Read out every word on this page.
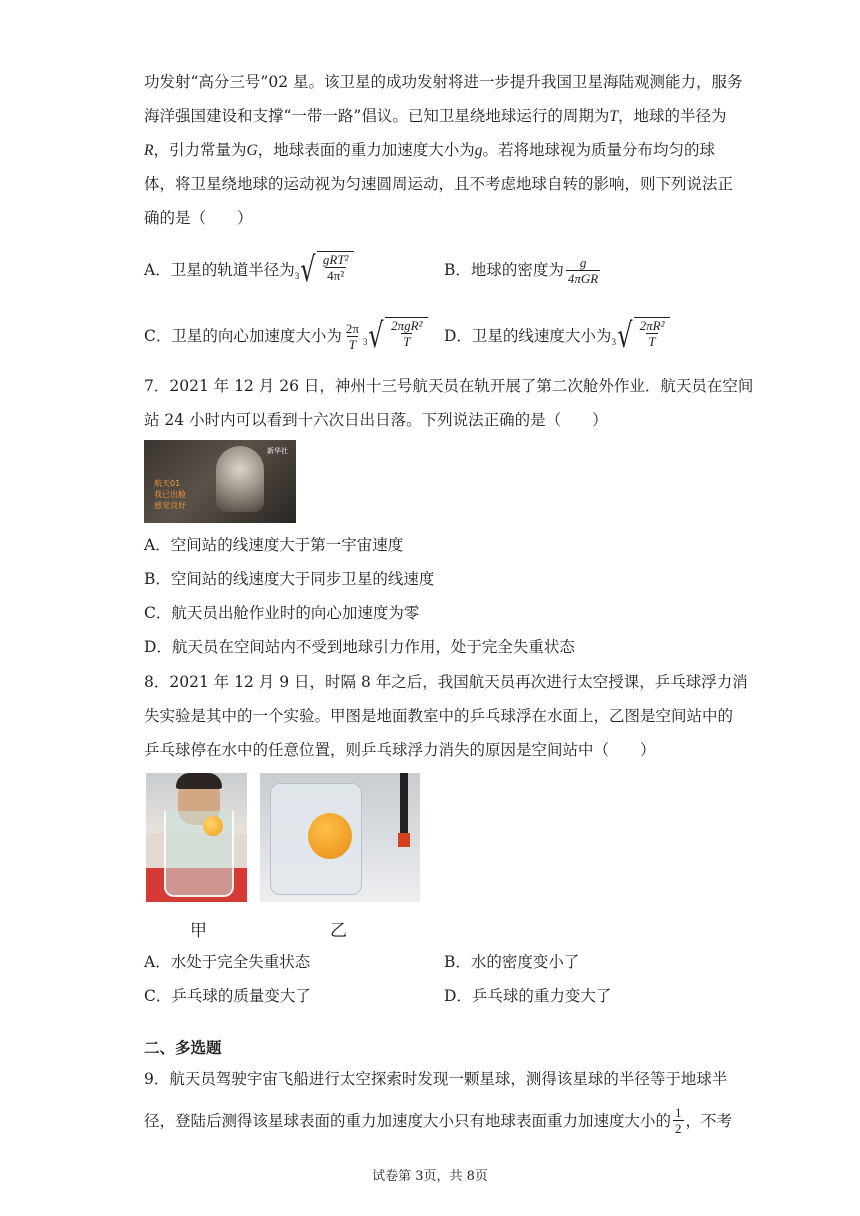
功发射“高分三号”02 星。该卫星的成功发射将进一步提升我国卫星海陆观测能力，服务
海洋强国建设和支撑“一带一路”倡议。已知卫星绕地球运行的周期为T，地球的半径为
R，引力常量为G，地球表面的重力加速度大小为g。若将地球视为质量分布均匀的球
体，将卫星绕地球的运动视为匀速圆周运动，且不考虑地球自转的影响，则下列说法正
确的是（　　）
A．卫星的轨道半径为 3 √ $\frac{\text{gRT²}}{\text{4π²}}$	B．地球的密度为 $\frac{g}{\text{4πGR}}$
C．卫星的向心加速度大小为 $\frac{2\pi}{T} 3$ √ $\frac{\text{2πgR²}}{T}$ D．卫星的线速度大小为 3 √ $\frac{\text{2πR²}}{T}$
7．2021 年 12 月 26 日，神州十三号航天员在轨开展了第二次舱外作业．航天员在空间
站 24 小时内可以看到十六次日出日落。下列说法正确的是（　　）
航天01
我已出舱
感觉良好
新华社
A．空间站的线速度大于第一宇宙速度
B．空间站的线速度大于同步卫星的线速度
C．航天员出舱作业时的向心加速度为零
D．航天员在空间站内不受到地球引力作用，处于完全失重状态
8．2021 年 12 月 9 日，时隔 8 年之后，我国航天员再次进行太空授课，乒乓球浮力消
失实验是其中的一个实验。甲图是地面教室中的乒乓球浮在水面上，乙图是空间站中的
乒乓球停在水中的任意位置，则乒乓球浮力消失的原因是空间站中（　　）
甲	乙
A．水处于完全失重状态	B．水的密度变小了
C．乒乓球的质量变大了	D．乒乓球的重力变大了
二、多选题
9．航天员驾驶宇宙飞船进行太空探索时发现一颗星球，测得该星球的半径等于地球半
径，登陆后测得该星球表面的重力加速度大小只有地球表面重力加速度大小的 $\frac{1}{2}$ ，不考
试卷第 3页，共 8页
